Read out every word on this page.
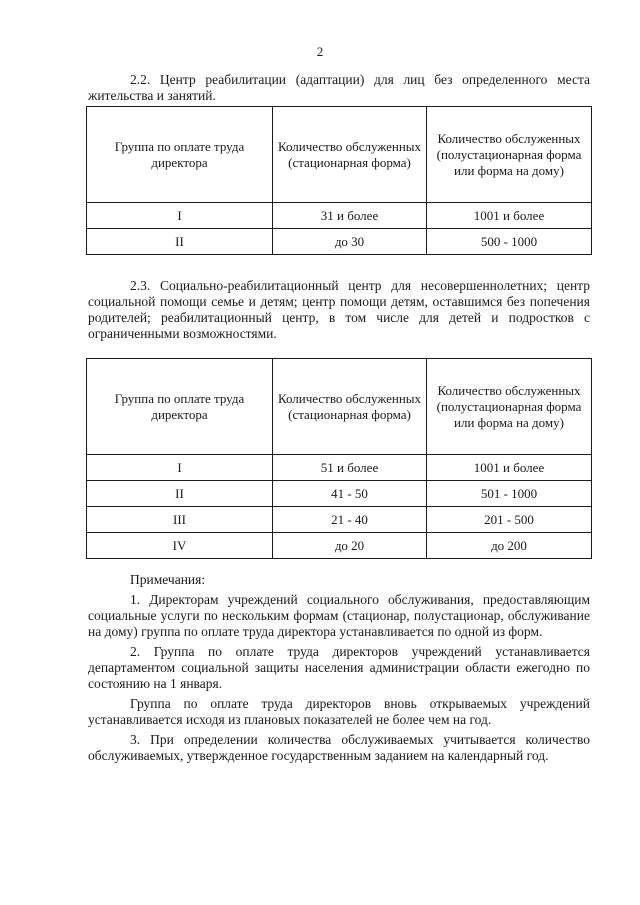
2

2.2. Центр реабилитации (адаптации) для лиц без определенного места жительства и занятий.

Группа по оплате труда директора	Количество обслуженных (стационарная форма)	Количество обслуженных (полустационарная форма или форма на дому)
I	31 и более	1001 и более
II	до 30	500 - 1000

2.3. Социально-реабилитационный центр для несовершеннолетних; центр социальной помощи семье и детям; центр помощи детям, оставшимся без попечения родителей; реабилитационный центр, в том числе для детей и подростков с ограниченными возможностями.

Группа по оплате труда директора	Количество обслуженных (стационарная форма)	Количество обслуженных (полустационарная форма или форма на дому)
I	51 и более	1001 и более
II	41 - 50	501 - 1000
III	21 - 40	201 - 500
IV	до 20	до 200

Примечания:

1. Директорам учреждений социального обслуживания, предоставляющим социальные услуги по нескольким формам (стационар, полустационар, обслуживание на дому) группа по оплате труда директора устанавливается по одной из форм.

2. Группа по оплате труда директоров учреждений устанавливается департаментом социальной защиты населения администрации области ежегодно по состоянию на 1 января.

Группа по оплате труда директоров вновь открываемых учреждений устанавливается исходя из плановых показателей не более чем на год.

3. При определении количества обслуживаемых учитывается количество обслуживаемых, утвержденное государственным заданием на календарный год.
